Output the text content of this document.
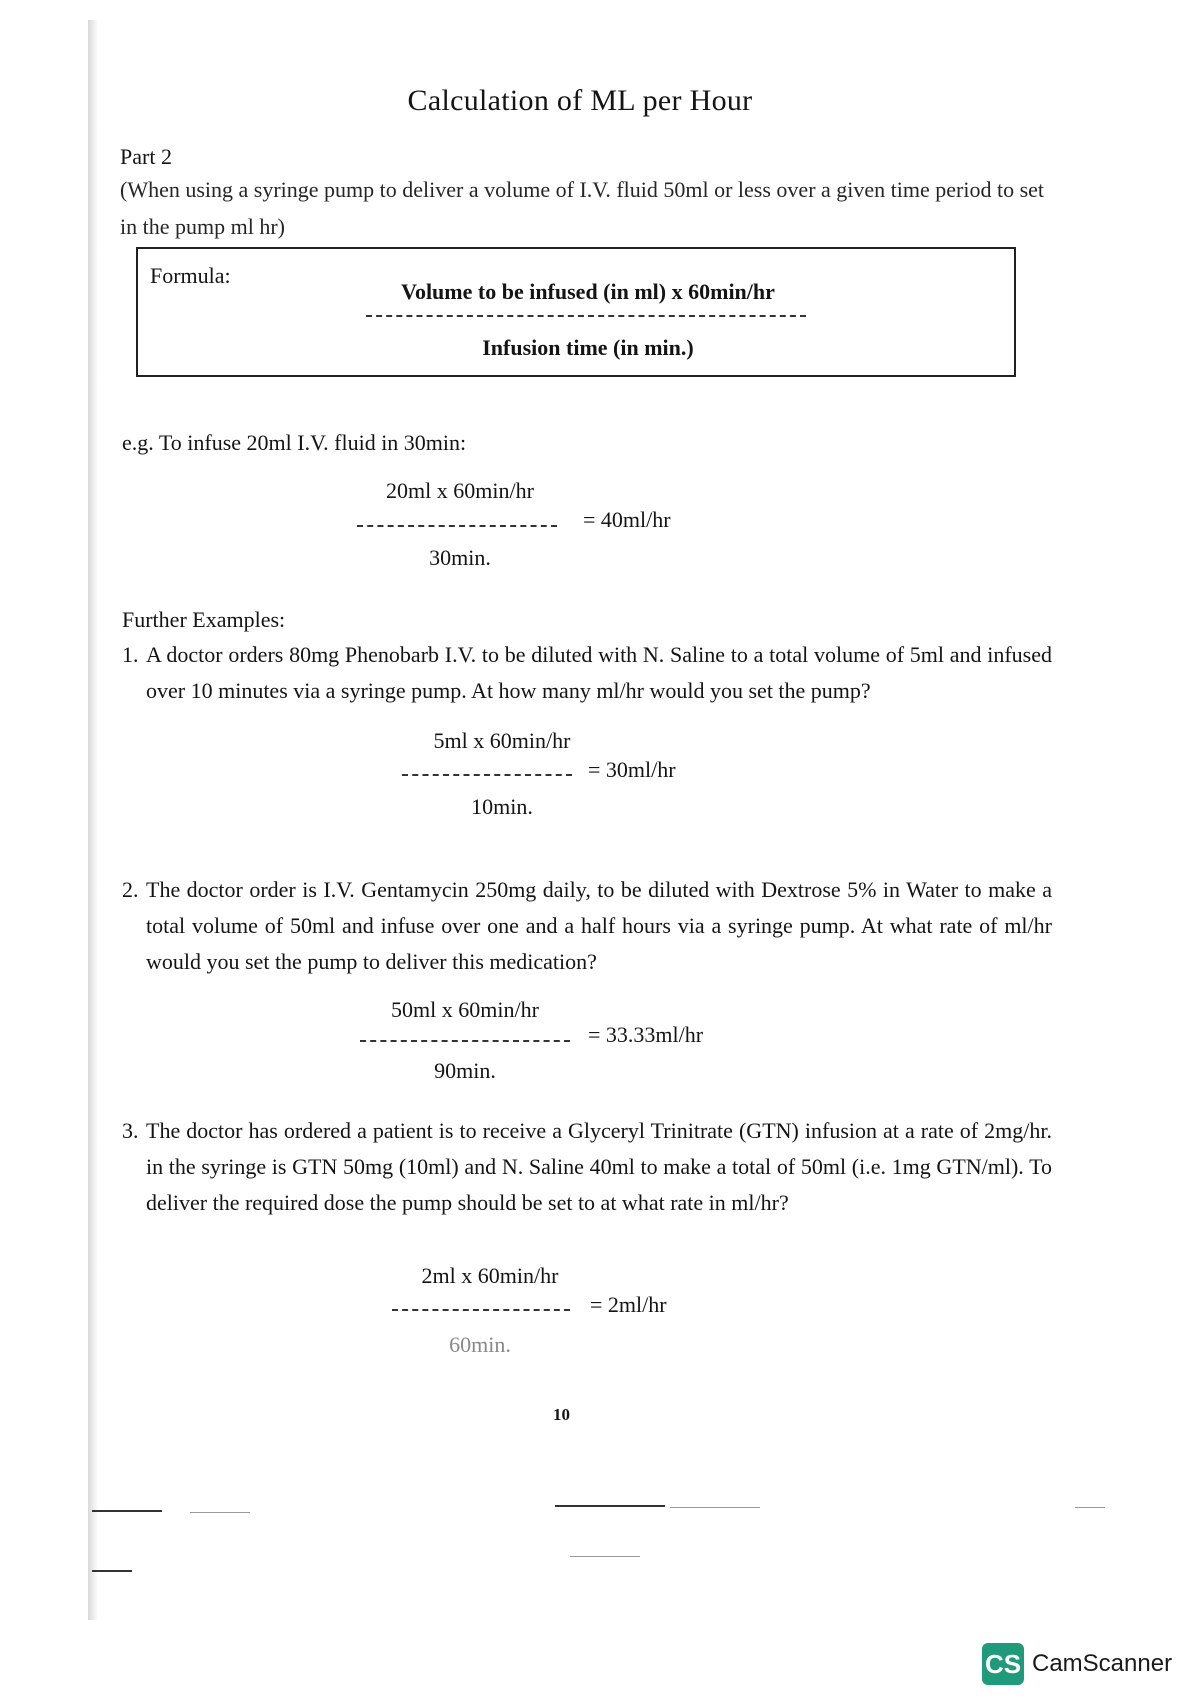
Calculation of ML per Hour
Part 2
(When using a syringe pump to deliver a volume of I.V. fluid 50ml or less over a given time period to set in the pump ml hr)
Formula:
Volume to be infused (in ml) x 60min/hr
Infusion time (in min.)
e.g. To infuse 20ml I.V. fluid in 30min:
20ml x 60min/hr
= 40ml/hr
30min.
Further Examples:
1. A doctor orders 80mg Phenobarb I.V. to be diluted with N. Saline to a total volume of 5ml and infused over 10 minutes via a syringe pump. At how many ml/hr would you set the pump?
5ml x 60min/hr
= 30ml/hr
10min.
2. The doctor order is I.V. Gentamycin 250mg daily, to be diluted with Dextrose 5% in Water to make a total volume of 50ml and infuse over one and a half hours via a syringe pump. At what rate of ml/hr would you set the pump to deliver this medication?
50ml x 60min/hr
= 33.33ml/hr
90min.
3. The doctor has ordered a patient is to receive a Glyceryl Trinitrate (GTN) infusion at a rate of 2mg/hr. in the syringe is GTN 50mg (10ml) and N. Saline 40ml to make a total of 50ml (i.e. 1mg GTN/ml). To deliver the required dose the pump should be set to at what rate in ml/hr?
2ml x 60min/hr
= 2ml/hr
60min.
10
CS CamScanner
